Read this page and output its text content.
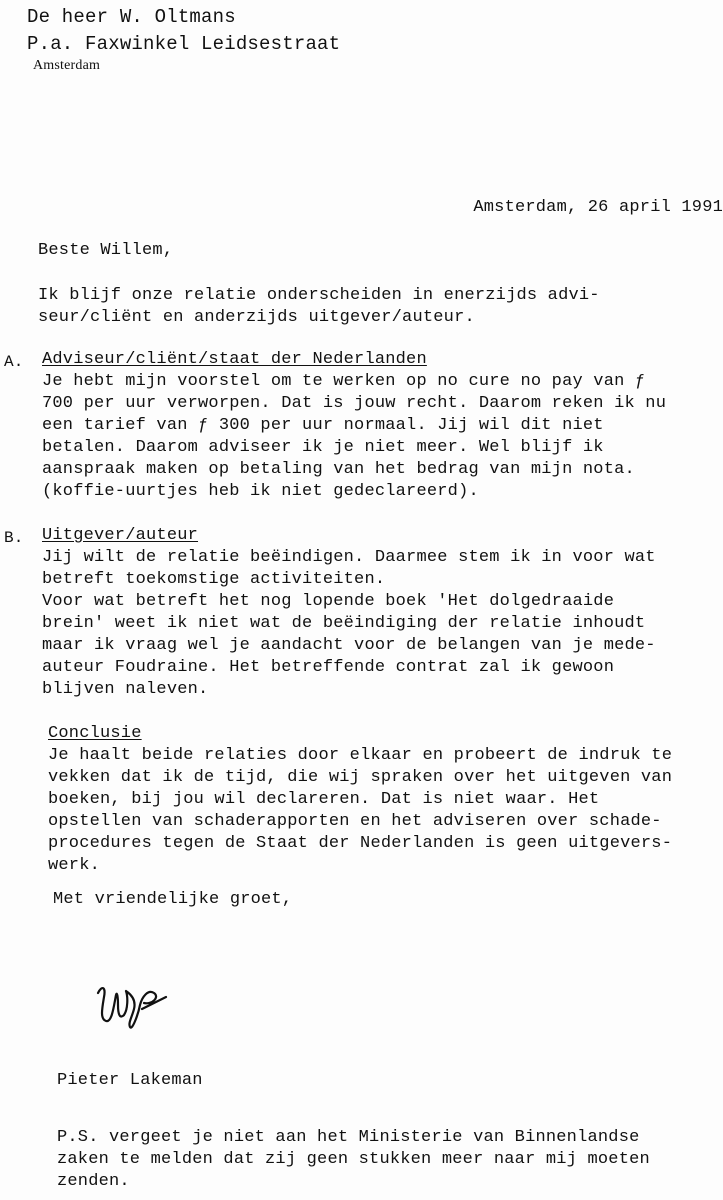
De heer W. Oltmans
P.a. Faxwinkel Leidsestraat
Amsterdam
Amsterdam, 26 april 1991
Beste Willem,
Ik blijf onze relatie onderscheiden in enerzijds advi-
seur/cliënt en anderzijds uitgever/auteur.
A. Adviseur/cliënt/staat der Nederlanden
Je hebt mijn voorstel om te werken op no cure no pay van ƒ
700 per uur verworpen. Dat is jouw recht. Daarom reken ik nu
een tarief van ƒ 300 per uur normaal. Jij wil dit niet
betalen. Daarom adviseer ik je niet meer. Wel blijf ik
aanspraak maken op betaling van het bedrag van mijn nota.
(koffie-uurtjes heb ik niet gedeclareerd).
B. Uitgever/auteur
Jij wilt de relatie beëindigen. Daarmee stem ik in voor wat
betreft toekomstige activiteiten.
Voor wat betreft het nog lopende boek 'Het dolgedraaide
brein' weet ik niet wat de beëindiging der relatie inhoudt
maar ik vraag wel je aandacht voor de belangen van je mede-
auteur Foudraine. Het betreffende contrat zal ik gewoon
blijven naleven.
Conclusie
Je haalt beide relaties door elkaar en probeert de indruk te
vekken dat ik de tijd, die wij spraken over het uitgeven van
boeken, bij jou wil declareren. Dat is niet waar. Het
opstellen van schaderapporten en het adviseren over schade-
procedures tegen de Staat der Nederlanden is geen uitgevers-
werk.
Met vriendelijke groet,
Pieter Lakeman
P.S. vergeet je niet aan het Ministerie van Binnenlandse
zaken te melden dat zij geen stukken meer naar mij moeten
zenden.
